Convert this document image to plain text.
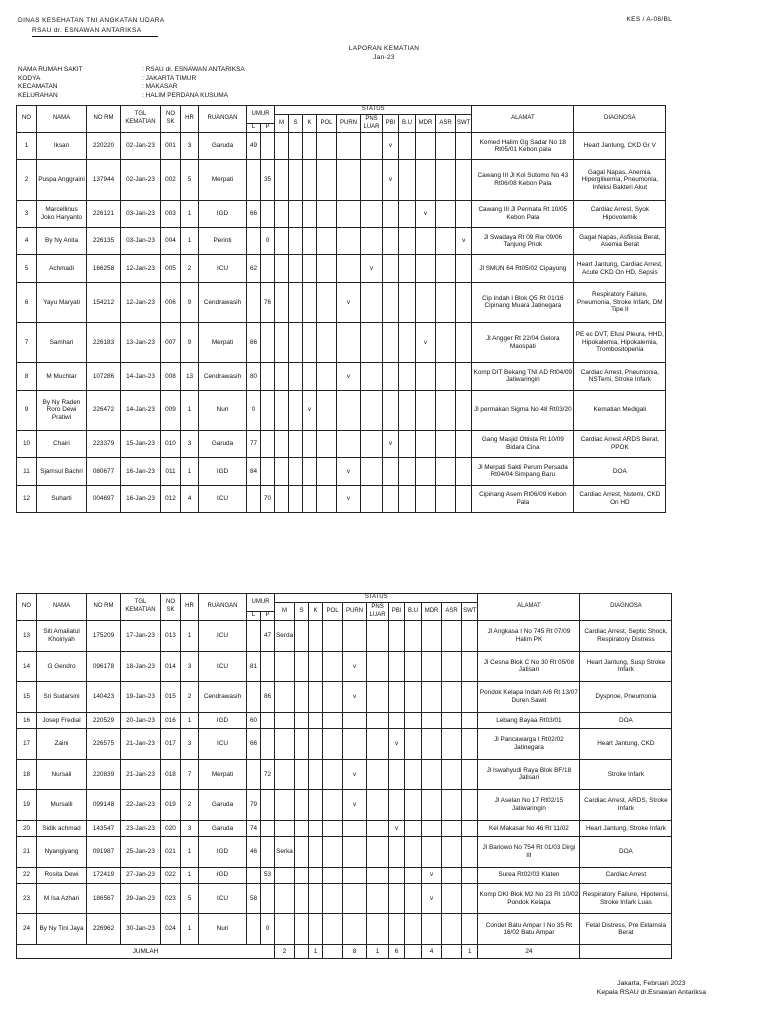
DINAS KESEHATAN TNI ANGKATAN UDARA
RSAU dr. ESNAWAN ANTARIKSA
KES / A-08/BL
LAPORAN KEMATIAN
Jan-23
NAMA RUMAH SAKIT	: RSAU dr. ESNAWAN ANTARIKSA
KODYA	: JAKARTA TIMUR
KECAMATAN	: MAKASAR
KELURAHAN	: HALIM PERDANA KUSUMA
NO	NAMA	NO RM	TGL KEMATIAN	NO SK	HR	RUANGAN	UMUR		STATUS											ALAMAT	DIAGNOSA
									M	S	K	POL	PURN	PNS LUAR	PBI	B.U	MDR	ASR	SWT		
							L	P													
1	Iksan	220220	02-Jan-23	001	3	Garuda	49								v					Komed Halim Gg Sadar No 18 Rt05/01 Kebon pala	Heart Jantung, CKD Gr V
2	Puspa Anggraini	137944	02-Jan-23	002	5	Merpati		35							v					Cawang III Jl Kol Sutomo No 43 Rt06/08 Kebon Pala	Gagal Napas, Anemia, Hiperglikemia, Pneumonia, Infeksi Bakteri Akut
3	Marcellinus Joko Haryanto	226121	03-Jan-23	003	1	IGD	66										v			Cawang III Jl Permata Rt 10/05 Kebon Pala	Cardiac Arrest, Syok Hipovolemik
4	By Ny Anita	226135	03-Jan-23	004	1	Perinti		0											v	Jl Swadaya Rt 09 Rw 09/06 Tanjung Priok	Gagal Napas, Asfiksia Berat, Asemia Berat
5	Achmadi	166258	12-Jan-23	005	2	ICU	62							v						Jl SMUN 64 Rt05/02 Cipayung	Heart Jantung, Cardiac Arrest, Acute CKD On HD, Sepsis
6	Yayu Maryati	154212	12-Jan-23	006	9	Cendrawasih		76					v							Cip Indah I Blok Q5 Rt 01/16 Cipinang Muara Jatinegara	Respiratory Failure, Pneumonia, Stroke Infark, DM Tipe II
7	Samhari	226183	13-Jan-23	007	9	Merpati	66										v			Jl Angger Rt 22/04 Gelora Maospati	PE ec DVT, Efusi Pleura, HHD, Hipokalemia, Hipokalemia, Trombositopenia
8	M Muchtar	107286	14-Jan-23	008	13	Cendrawasih	80						v							Komp DIT Bekang TNI AD Rt04/09 Jatiwaringin	Cardiac Arrest, Pneumonia, NSTemi, Stroke Infark
9	By Ny Raden Roro Dewi Pratiwi	226472	14-Jan-23	009	1	Nuri	0				v									Jl permakan Sigma No 48 Rt03/20	Kematian Medigali
10	Chairi	223379	15-Jan-23	010	3	Garuda	77								v					Gang Masjid Ottista Rt 10/09 Bidara Cina	Cardiac Arrest ARDS Berat, PPOK
11	Sjamsul Bachri	080677	16-Jan-23	011	1	IGD	84						v							Jl Merpati Sakti Perum Persada Rt04/04 Simpang Baru	DOA
12	Suharti	004697	16-Jan-23	012	4	ICU		70					v							Cipinang Asem Rt06/09 Kebon Pala	Cardiac Arrest, Nstemi, CKD On HD
NO	NAMA	NO RM	TGL KEMATIAN	NO SK	HR	RUANGAN	UMUR		STATUS											ALAMAT	DIAGNOSA
									M	S	K	POL	PURN	PNS LUAR	PBI	B.U	MDR	ASR	SWT		
							L	P													
13	Siti Amaliatul Khoiriyah	175209	17-Jan-23	013	1	ICU		47	Serda											Jl Angkasa I No 745 Rt 07/09 Halim PK	Cardiac Arrest, Septic Shock, Respiratory Distress
14	G Gendro	096178	18-Jan-23	014	3	ICU	81						v							Jl Cesna Blok C No 30 Rt 05/08 Jatisari	Heart Jantung, Susp Stroke Infark
15	Sri Sudarsini	140423	19-Jan-23	015	2	Cendrawasih		86					v							Pondok Kelapa Indah A/6 Rt 13/07 Duren Sawit	Dyspnoe, Pneumonia
16	Josep Fredial	220529	20-Jan-23	016	1	IGD	60													Lebang Bayaa Rt03/01	DOA
17	Zaini	226575	21-Jan-23	017	3	ICU	66								v					Jl Pancawarga I Rt02/02 Jatinegara	Heart Jantung, CKD
18	Nursali	220839	21-Jan-23	018	7	Merpati		72					v							Jl Iswahyudi Raya Blok BF/18 Jatisari	Stroke Infark
19	Mursalli	099148	22-Jan-23	019	2	Garuda	79						v							Jl Aselan No 17 Rt02/15 Jatiwaringin	Cardiac Arrest, ARDS, Stroke Infark
20	Sidik achmad	143547	23-Jan-23	020	3	Garuda	74								v					Kel Makasar No 46 Rt 11/02	Heart Jantung, Stroke Infark
21	Nyangiyang	091987	25-Jan-23	021	1	IGD	46		Serka											Jl Bariowo No 754 Rt 01/03 Dirgi III	DOA
22	Rosita Dewi	172419	27-Jan-23	022	1	IGD		53									v			Surea Rt02/03 Klaten	Cardiac Arrest
23	M Isa Azhari	186567	29-Jan-23	023	5	ICU	58										v			Komp DKI Blok M2 No 23 Rt 10/02 Pondok Kelapa	Respiratory Failure, Hipotensi, Stroke Infark Luas
24	By Ny Tini Jaya	226962	30-Jan-23	024	1	Nuri		0												Condet Batu Ampar I No 35 Rt 16/02 Batu Ampar	Fetal Distress, Pre Eklamsia Berat
JUMLAH									2		1		8	1	6		4		1	24	
Jakarta, Februari 2023
Kepala RSAU dr.Esnawan Antariksa
